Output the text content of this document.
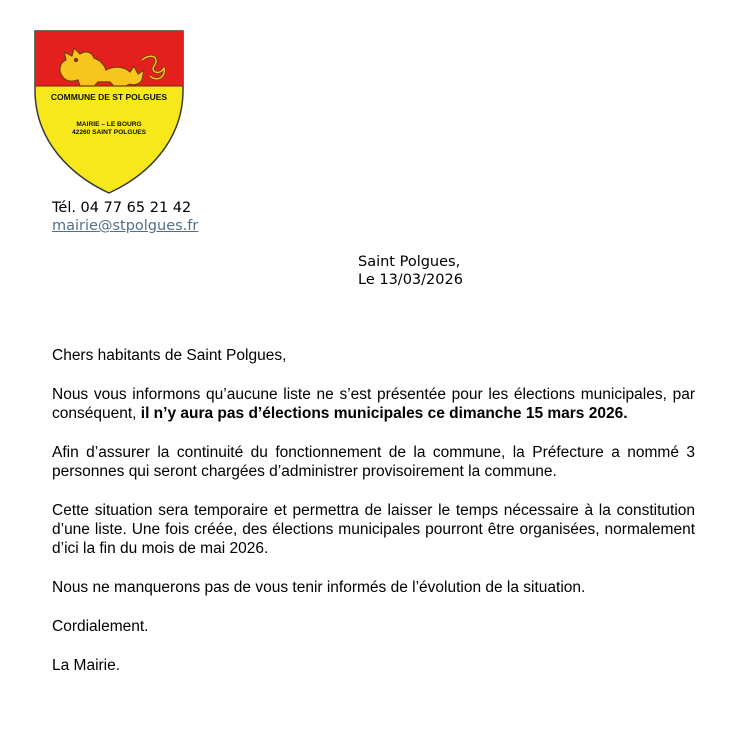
COMMUNE DE ST POLGUES
MAIRIE – LE BOURG
42260 SAINT POLGUES
Tél. 04 77 65 21 42
mairie@stpolgues.fr
Saint Polgues,
Le 13/03/2026

Chers habitants de Saint Polgues,

Nous vous informons qu’aucune liste ne s’est présentée pour les élections municipales, par
conséquent, il n’y aura pas d’élections municipales ce dimanche 15 mars 2026.

Afin d’assurer la continuité du fonctionnement de la commune, la Préfecture a nommé 3
personnes qui seront chargées d’administrer provisoirement la commune.

Cette situation sera temporaire et permettra de laisser le temps nécessaire à la constitution
d’une liste. Une fois créée, des élections municipales pourront être organisées, normalement
d’ici la fin du mois de mai 2026.

Nous ne manquerons pas de vous tenir informés de l’évolution de la situation.

Cordialement.

La Mairie.
